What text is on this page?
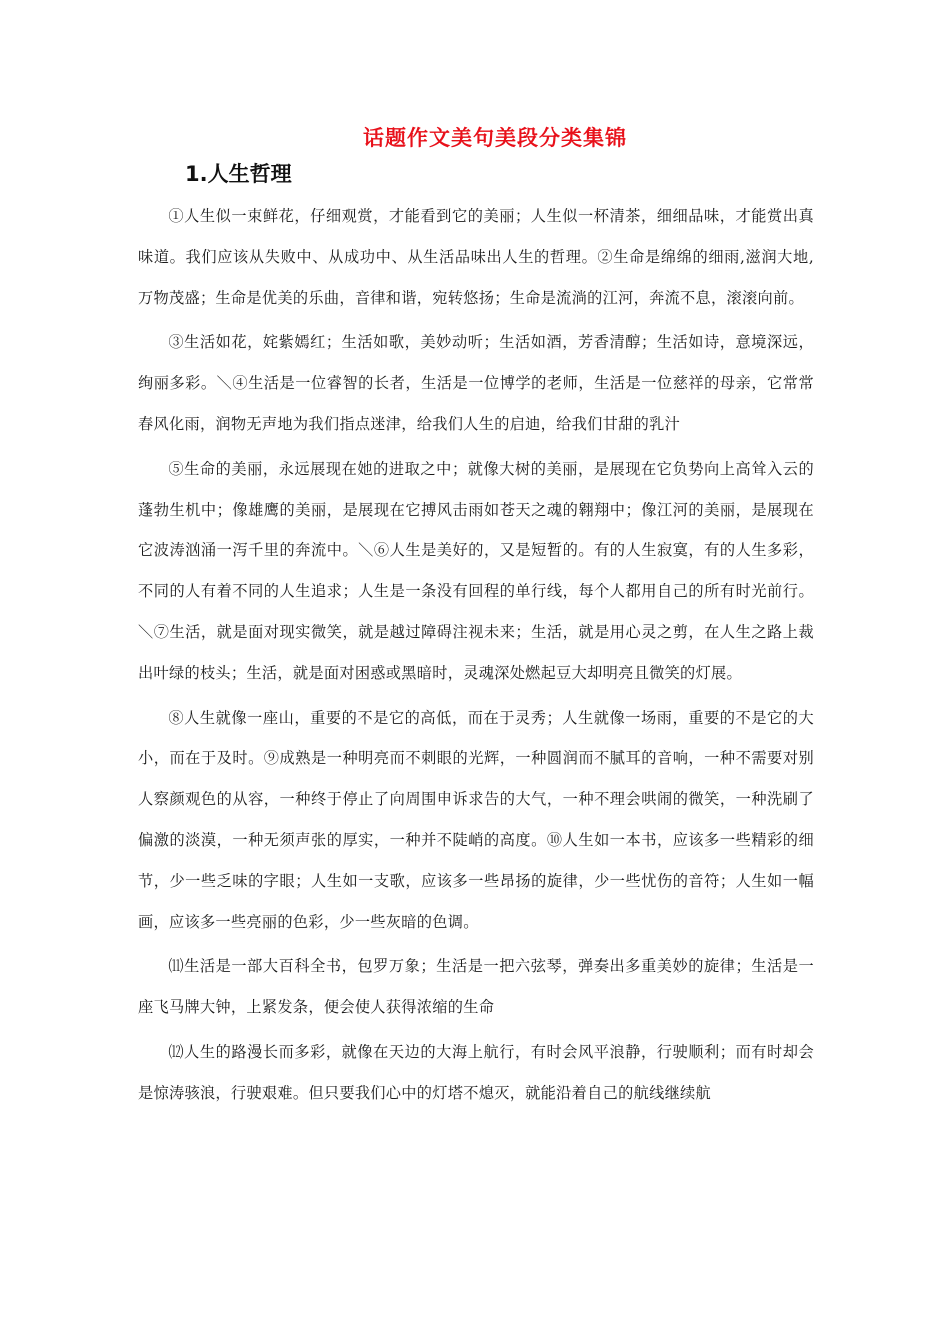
话题作文美句美段分类集锦
1.人生哲理

①人生似一束鲜花，仔细观赏，才能看到它的美丽；人生似一杯清茶，细细品味，才能赏出真味道。我们应该从失败中、从成功中、从生活品味出人生的哲理。②生命是绵绵的细雨,滋润大地,万物茂盛；生命是优美的乐曲，音律和谐，宛转悠扬；生命是流淌的江河，奔流不息，滚滚向前。

③生活如花，姹紫嫣红；生活如歌，美妙动听；生活如酒，芳香清醇；生活如诗，意境深远，绚丽多彩。＼④生活是一位睿智的长者，生活是一位博学的老师，生活是一位慈祥的母亲，它常常春风化雨，润物无声地为我们指点迷津，给我们人生的启迪，给我们甘甜的乳汁

⑤生命的美丽，永远展现在她的进取之中；就像大树的美丽，是展现在它负势向上高耸入云的蓬勃生机中；像雄鹰的美丽，是展现在它搏风击雨如苍天之魂的翱翔中；像江河的美丽，是展现在它波涛汹涌一泻千里的奔流中。＼⑥人生是美好的，又是短暂的。有的人生寂寞，有的人生多彩，不同的人有着不同的人生追求；人生是一条没有回程的单行线，每个人都用自己的所有时光前行。＼⑦生活，就是面对现实微笑，就是越过障碍注视未来；生活，就是用心灵之剪，在人生之路上裁出叶绿的枝头；生活，就是面对困惑或黑暗时，灵魂深处燃起豆大却明亮且微笑的灯展。

⑧人生就像一座山，重要的不是它的高低，而在于灵秀；人生就像一场雨，重要的不是它的大小，而在于及时。⑨成熟是一种明亮而不刺眼的光辉，一种圆润而不腻耳的音响，一种不需要对别人察颜观色的从容，一种终于停止了向周围申诉求告的大气，一种不理会哄闹的微笑，一种洗刷了偏激的淡漠，一种无须声张的厚实，一种并不陡峭的高度。⑩人生如一本书，应该多一些精彩的细节，少一些乏味的字眼；人生如一支歌，应该多一些昂扬的旋律，少一些忧伤的音符；人生如一幅画，应该多一些亮丽的色彩，少一些灰暗的色调。

⑾生活是一部大百科全书，包罗万象；生活是一把六弦琴，弹奏出多重美妙的旋律；生活是一座飞马牌大钟，上紧发条，便会使人获得浓缩的生命

⑿人生的路漫长而多彩，就像在天边的大海上航行，有时会风平浪静，行驶顺利；而有时却会是惊涛骇浪，行驶艰难。但只要我们心中的灯塔不熄灭，就能沿着自己的航线继续航
